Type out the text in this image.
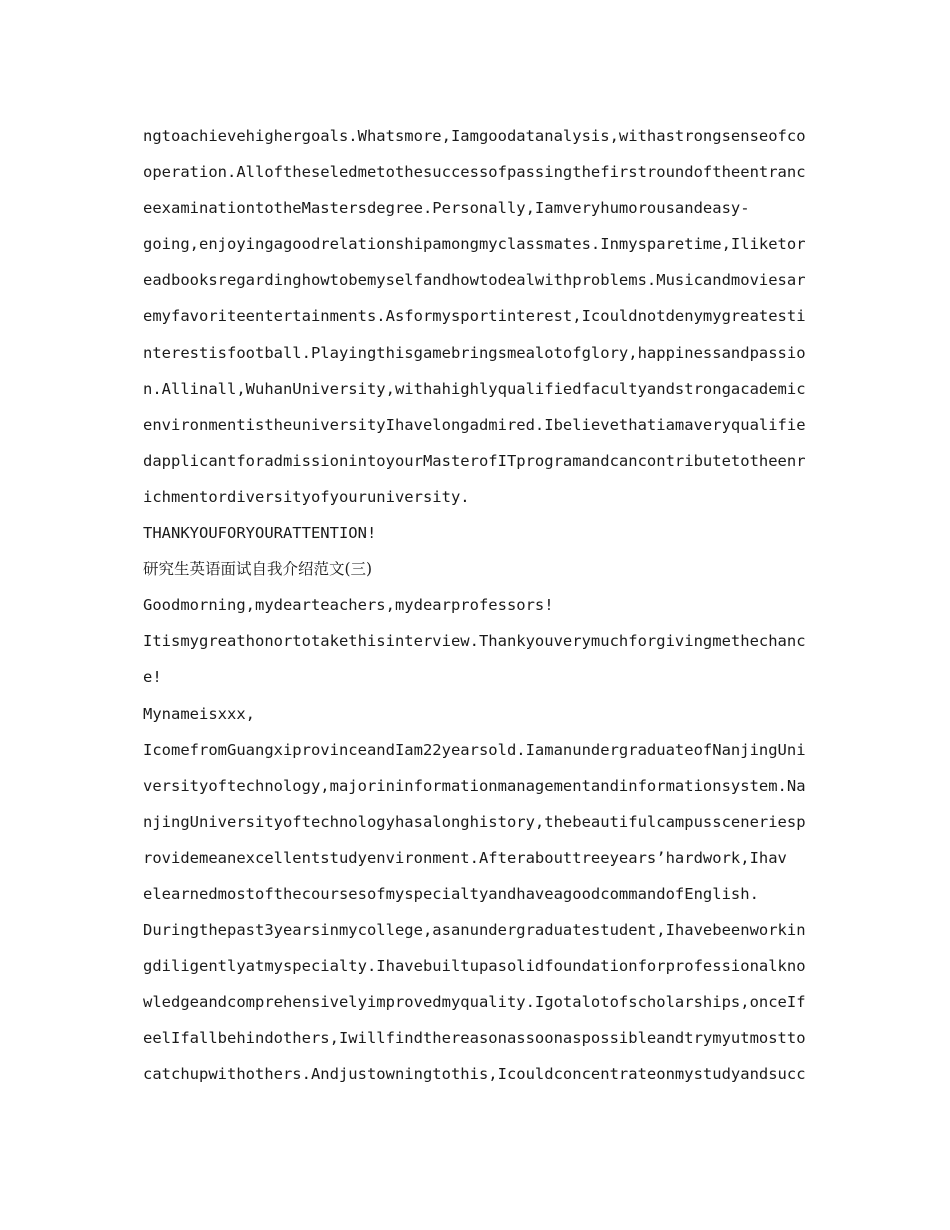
ngtoachievehighergoals.Whatsmore,Iamgoodatanalysis,withastrongsenseofco
operation.Alloftheseledmetothesuccessofpassingthefirstroundoftheentranc
eexaminationtotheMastersdegree.Personally,Iamveryhumorousandeasy-
going,enjoyingagoodrelationshipamongmyclassmates.Inmysparetime,Iliketor
eadbooksregardinghowtobemyselfandhowtodealwithproblems.Musicandmoviesar
emyfavoriteentertainments.Asformysportinterest,Icouldnotdenymygreatesti
nterestisfootball.Playingthisgamebringsmealotofglory,happinessandpassio
n.Allinall,WuhanUniversity,withahighlyqualifiedfacultyandstrongacademic
environmentistheuniversityIhavelongadmired.Ibelievethatiamaveryqualifie
dapplicantforadmissionintoyourMasterofITprogramandcancontributetotheenr
ichmentordiversityofyouruniversity.
THANKYOUFORYOURATTENTION!
研究生英语面试自我介绍范文(三)
Goodmorning,mydearteachers,mydearprofessors!
Itismygreathonortotakethisinterview.Thankyouverymuchforgivingmethechanc
e!
Mynameisxxx,
IcomefromGuangxiprovinceandIam22yearsold.IamanundergraduateofNanjingUni
versityoftechnology,majorininformationmanagementandinformationsystem.Na
njingUniversityoftechnologyhasalonghistory,thebeautifulcampussceneriesp
rovidemeanexcellentstudyenvironment.Afterabouttreeyears’hardwork,Ihav
elearnedmostofthecoursesofmyspecialtyandhaveagoodcommandofEnglish.
Duringthepast3yearsinmycollege,asanundergraduatestudent,Ihavebeenworkin
gdiligentlyatmyspecialty.Ihavebuiltupasolidfoundationforprofessionalkno
wledgeandcomprehensivelyimprovedmyquality.Igotalotofscholarships,onceIf
eelIfallbehindothers,Iwillfindthereasonassoonaspossibleandtrymyutmostto
catchupwithothers.Andjustowningtothis,Icouldconcentrateonmystudyandsucc
